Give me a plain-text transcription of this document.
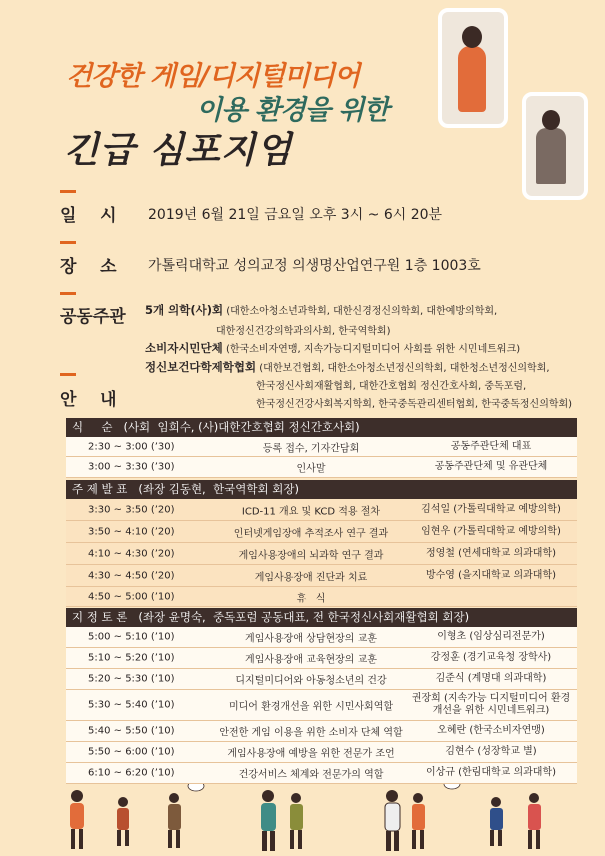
건강한 게임/디지털미디어
이용 환경을 위한
긴급 심포지엄
일    시 2019년 6월 21일 금요일 오후 3시 ~ 6시 20분
장    소 가톨릭대학교 성의교정 의생명산업연구원 1층 1003호
공동주관 5개 의학(사)회 (대한소아청소년과학회, 대한신경정신의학회, 대한예방의학회,
대한정신건강의학과의사회, 한국역학회)
소비자시민단체 (한국소비자연맹, 지속가능디지털미디어 사회를 위한 시민네트워크)
정신보건다학제학협회 (대한보건협회, 대한소아청소년정신의학회, 대한청소년정신의학회,
한국정신사회재활협회, 대한간호협회 정신간호사회, 중독포럼,
한국정신건강사회복지학회, 한국중독관리센터협회, 한국중독정신의학회)
안    내
식     순   (사회  임희수, (사)대한간호협회 정신간호사회)
2:30 ~ 3:00 (’30)	등록 접수, 기자간담회	공동주관단체 대표
3:00 ~ 3:30 (’30)	인사말	공동주관단체 및 유관단체
주 제 발 표   (좌장 김동현,  한국역학회 회장)
3:30 ~ 3:50 (’20)	ICD-11 개요 및 KCD 적용 절차	김석일 (가톨릭대학교 예방의학)
3:50 ~ 4:10 (’20)	인터넷게임장애 추적조사 연구 결과	임현우 (가톨릭대학교 예방의학)
4:10 ~ 4:30 (’20)	게임사용장애의 뇌과학 연구 결과	정영철 (연세대학교 의과대학)
4:30 ~ 4:50 (’20)	게임사용장애 진단과 치료	방수영 (을지대학교 의과대학)
4:50 ~ 5:00 (’10)	휴   식
지 정 토 론   (좌장 윤명숙,  중독포럼 공동대표, 전 한국정신사회재활협회 회장)
5:00 ~ 5:10 (’10)	게임사용장애 상담현장의 교훈	이형초 (임상심리전문가)
5:10 ~ 5:20 (’10)	게임사용장애 교육현장의 교훈	강정훈 (경기교육청 장학사)
5:20 ~ 5:30 (’10)	디지털미디어와 아동청소년의 건강	김준식 (계명대 의과대학)
5:30 ~ 5:40 (’10)	미디어 환경개선을 위한 시민사회역할
권장희 (지속가능 디지털미디어 환경 개선을 위한 시민네트워크)
5:40 ~ 5:50 (’10)	안전한 게임 이용을 위한 소비자 단체 역할	오혜란 (한국소비자연맹)
5:50 ~ 6:00 (’10)	게임사용장애 예방을 위한 전문가 조언	김현수 (성장학교 별)
6:10 ~ 6:20 (’10)	건강서비스 체계와 전문가의 역할	이상규 (한림대학교 의과대학)
